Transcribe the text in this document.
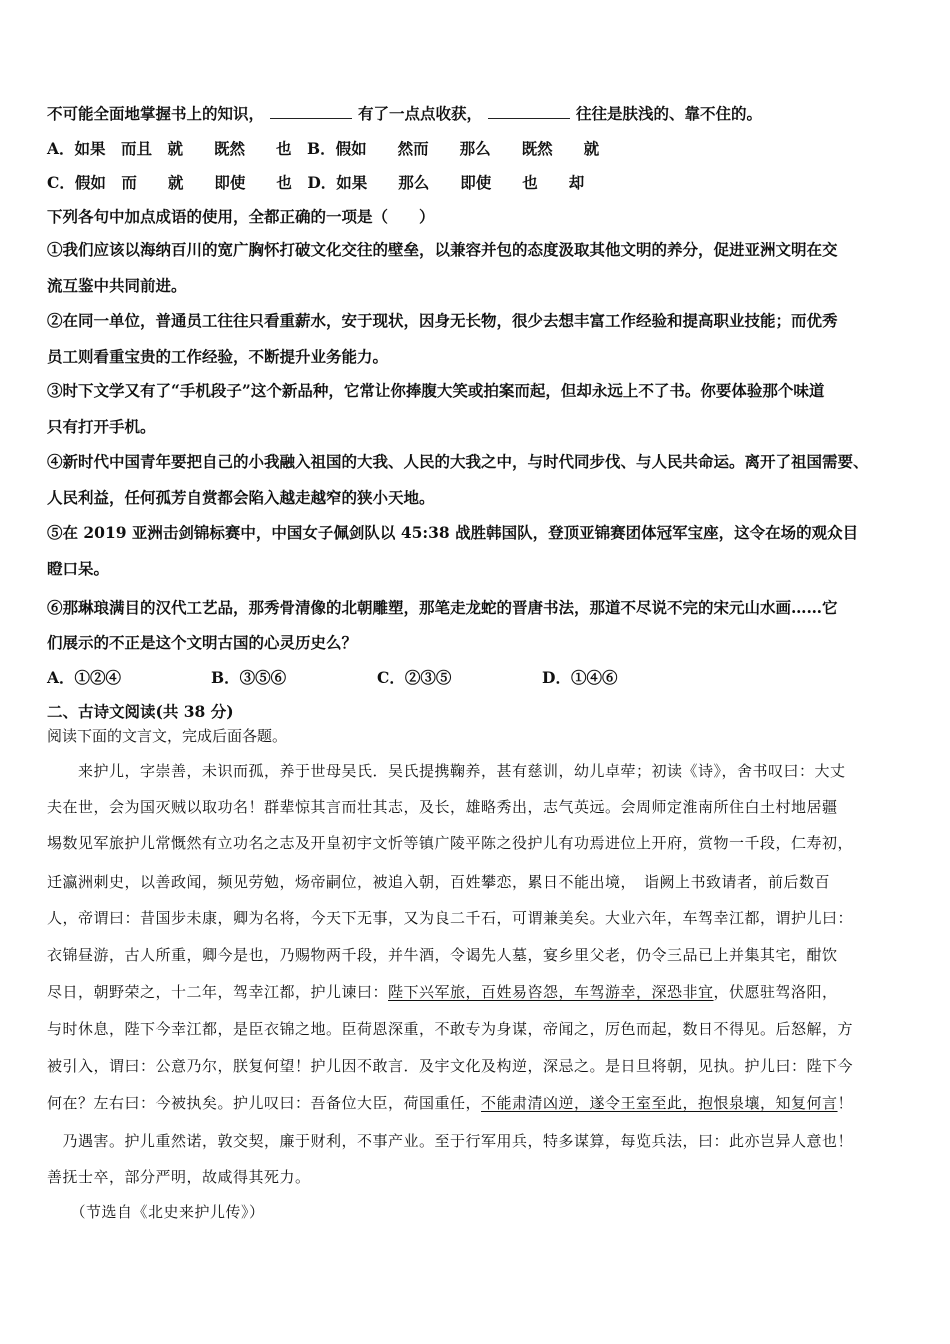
不可能全面地掌握书上的知识，	有了一点点收获，	往往是肤浅的、靠不住的。
A．如果　而且　就　　既然　　也　B．假如　　然而　　那么　　既然　　就
C．假如　而　　就　　即使　　也　D．如果　　那么　　即使　　也　　却
下列各句中加点成语的使用，全都正确的一项是（　　）
①我们应该以海纳百川的宽广胸怀打破文化交往的壁垒，以兼容并包的态度汲取其他文明的养分，促进亚洲文明在交
流互鉴中共同前进。
②在同一单位，普通员工往往只看重薪水，安于现状，因身无长物，很少去想丰富工作经验和提高职业技能；而优秀
员工则看重宝贵的工作经验，不断提升业务能力。
③时下文学又有了“手机段子”这个新品种，它常让你捧腹大笑或拍案而起，但却永远上不了书。你要体验那个味道
只有打开手机。
④新时代中国青年要把自己的小我融入祖国的大我、人民的大我之中，与时代同步伐、与人民共命运。离开了祖国需要、
人民利益，任何孤芳自赏都会陷入越走越窄的狭小天地。
⑤在 2019 亚洲击剑锦标赛中，中国女子佩剑队以 45:38 战胜韩国队，登顶亚锦赛团体冠军宝座，这令在场的观众目
瞪口呆。
⑥那琳琅满目的汉代工艺品，那秀骨清像的北朝雕塑，那笔走龙蛇的晋唐书法，那道不尽说不完的宋元山水画……它
们展示的不正是这个文明古国的心灵历史么？
A．①②④	B．③⑤⑥	C．②③⑤	D．①④⑥
二、古诗文阅读(共 38 分)
阅读下面的文言文，完成后面各题。
　　来护儿，字崇善，未识而孤，养于世母吴氏．吴氏提携鞠养，甚有慈训，幼儿卓荦；初读《诗》，舍书叹曰：大丈
夫在世，会为国灭贼以取功名！群辈惊其言而壮其志，及长，雄略秀出，志气英远。会周师定淮南所住白土村地居疆
埸数见军旅护儿常慨然有立功名之志及开皇初宇文忻等镇广陵平陈之役护儿有功焉进位上开府，赏物一千段，仁寿初，
迁瀛洲刺史，以善政闻，频见劳勉，炀帝嗣位，被追入朝，百姓攀恋，累日不能出境，　诣阙上书致请者，前后数百
人，帝谓曰：昔国步未康，卿为名将，今天下无事，又为良二千石，可谓兼美矣。大业六年，车驾幸江都，谓护儿曰：
衣锦昼游，古人所重，卿今是也，乃赐物两千段，并牛酒，令谒先人墓，宴乡里父老，仍令三品已上并集其宅，酣饮
尽日，朝野荣之，十二年，驾幸江都，护儿谏曰：陛下兴军旅，百姓易咨怨，车驾游幸，深恐非宜，伏愿驻驾洛阳，
与时休息，陛下今幸江都，是臣衣锦之地。臣荷恩深重，不敢专为身谋，帝闻之，厉色而起，数日不得见。后怒解，方
被引入，谓曰：公意乃尔，朕复何望！护儿因不敢言．及宇文化及构逆，深忌之。是日旦将朝，见执。护儿曰：陛下今
何在？左右曰：今被执矣。护儿叹曰：吾备位大臣，荷国重任，不能肃清凶逆，遂令王室至此，抱恨泉壤，知复何言！
　乃遇害。护儿重然诺，敦交契，廉于财利，不事产业。至于行军用兵，特多谋算，每览兵法，曰：此亦岂异人意也！
善抚士卒，部分严明，故咸得其死力。
　　（节选自《北史来护儿传》）
